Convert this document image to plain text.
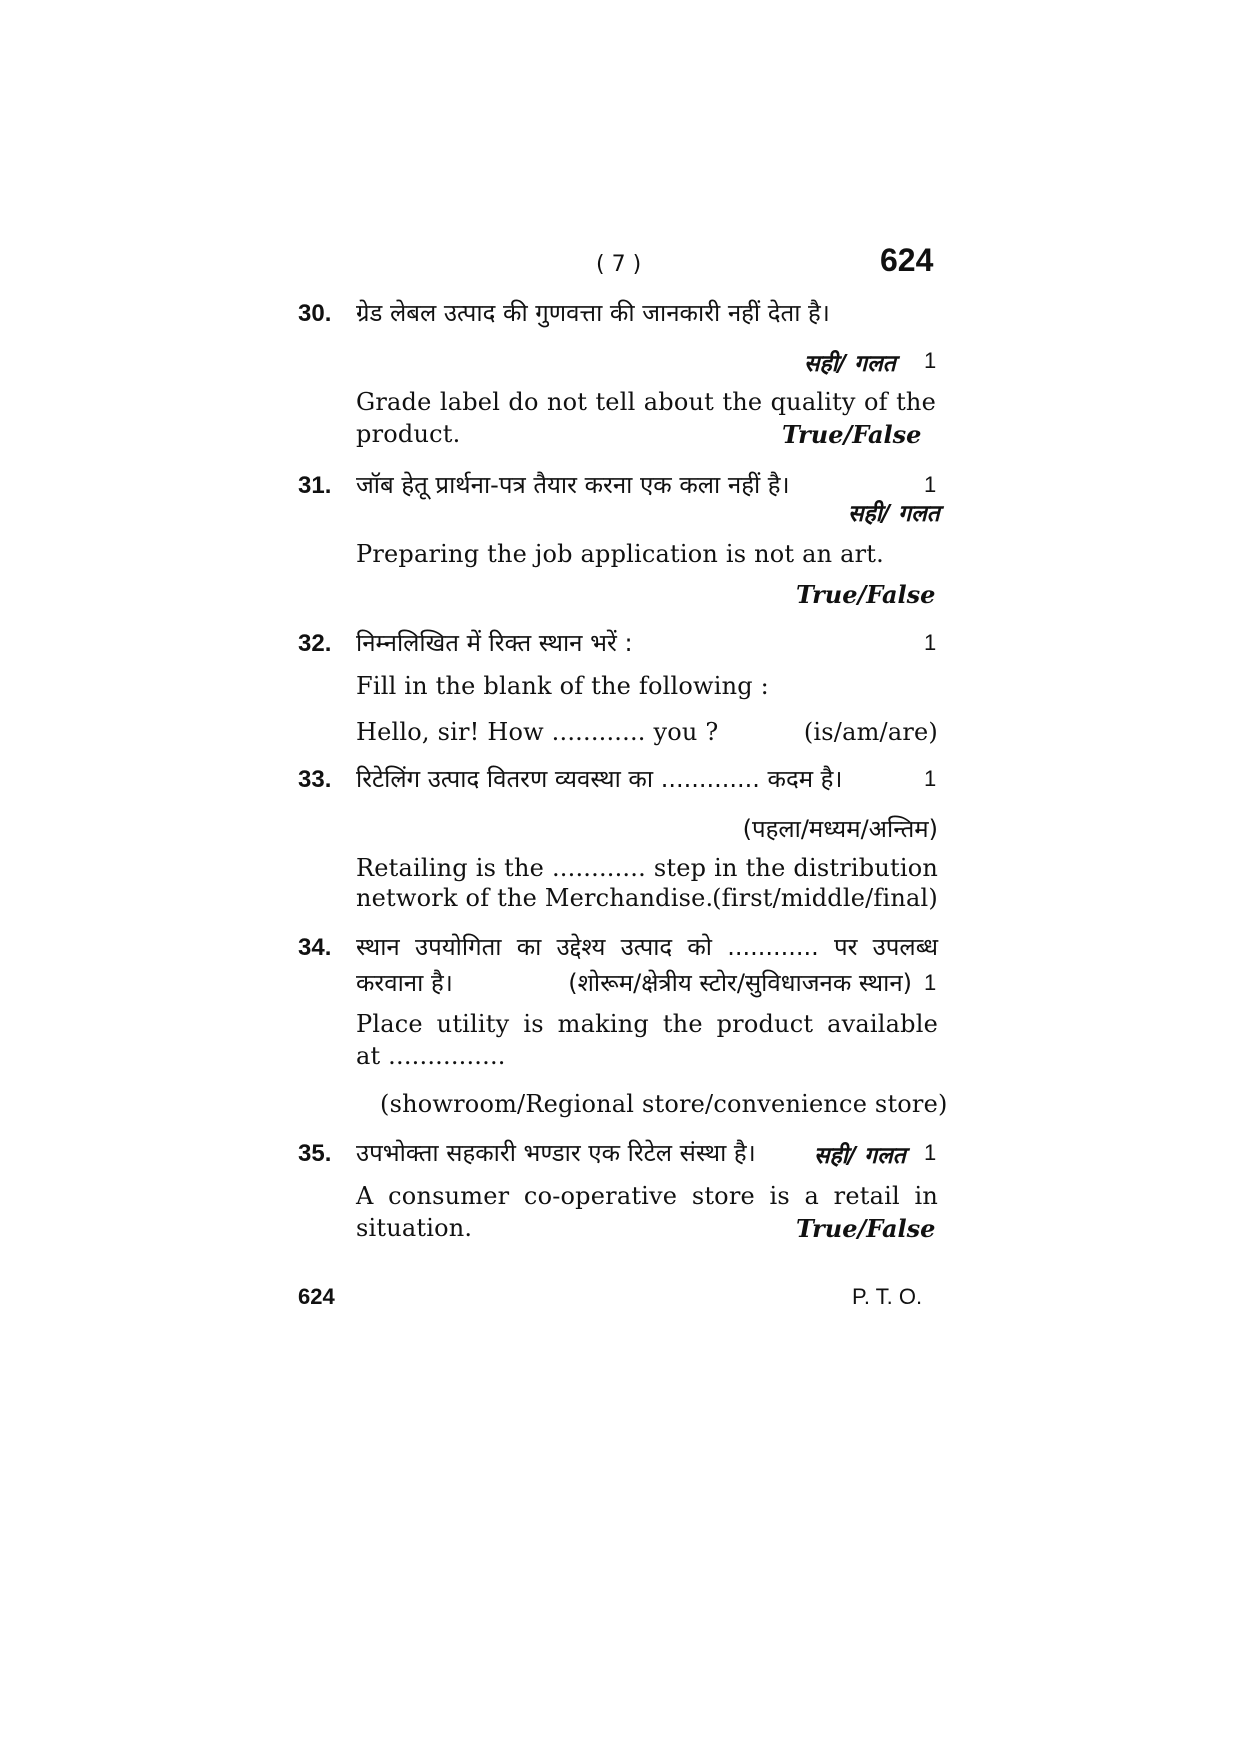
( 7 )	624
30. ग्रेड लेबल उत्पाद की गुणवत्ता की जानकारी नहीं देता है।
सही/ गलत 1
Grade label do not tell about the quality of the
product.	True/False
31. जॉब हेतू प्रार्थना-पत्र तैयार करना एक कला नहीं है।	1
सही/ गलत
Preparing the job application is not an art.
True/False
32. निम्नलिखित में रिक्त स्थान भरें :	1
Fill in the blank of the following :
Hello, sir! How ............ you ?	(is/am/are)
33. रिटेलिंग उत्पाद वितरण व्यवस्था का ............. कदम है।	1
(पहला/मध्यम/अन्तिम)
Retailing is the ............ step in the distribution
network of the Merchandise.
(first/middle/final)
34. स्थान उपयोगिता का उद्देश्य उत्पाद को ............ पर उपलब्ध
करवाना है।	(शोरूम/क्षेत्रीय स्टोर/सुविधाजनक स्थान) 1
Place utility is making the product available
at ...............
(showroom/Regional store/convenience store)
35. उपभोक्ता सहकारी भण्डार एक रिटेल संस्था है।	सही/ गलत 1
A consumer co-operative store is a retail in
situation.	True/False
624	P. T. O.
